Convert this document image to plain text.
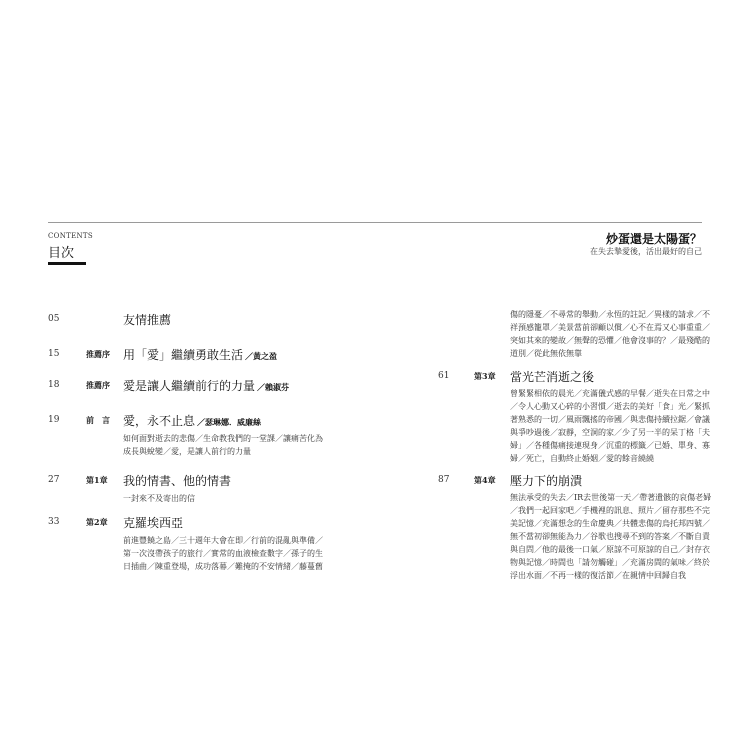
CONTENTS
目次
炒蛋還是太陽蛋？
在失去摯愛後，活出最好的自己
05	友情推薦
15	推薦序 用「愛」繼續勇敢生活 ／黃之盈
18	推薦序 愛是讓人繼續前行的力量 ／賴淑芬
19	前　言 愛，永不止息 ／瑟琳娜．威廉絲
如何面對逝去的悲傷／生命教我們的一堂課／讓痛苦化為成長與蛻變／愛，是讓人前行的力量
27	第1章 我的情書、他的情書
一封來不及寄出的信
33	第2章 克羅埃西亞
前進豐饒之島／三十週年大會在即／行前的混亂與準備／第一次沒帶孩子的旅行／實常的血液檢查數字／孫子的生日插曲／陳重登場，成功落幕／難掩的不安情緒／藤蔓舊
傷的隱憂／不尋常的舉動／永恆的註記／異樣的請求／不祥預感籠罩／美景當前卻顧以償／心不在焉又心事重重／突如其來的變故／無聲的恐懼／他會沒事的？／最殘酷的道別／從此無依無靠
61	第3章 當光芒消逝之後
曾緊緊相依的晨光／充滿儀式感的早餐／逝失在日常之中／令人心動又心碎的小習慣／逝去的美好「食」光／緊抓著熟悉的一切／風雨飄搖的帝國／與悲傷持續拉鋸／會議與爭吵過後／寂靜，空洞的家／少了另一半的呆丁格「夫婦」／各種傷痛接連現身／沉重的標籤／已婚、單身、寡婦／死亡，自動終止婚姻／愛的餘音繞繞
87	第4章 壓力下的崩潰
無法承受的失去／IR去世後第一天／帶著遺骸的哀傷老婦／我們一起回家吧／手機裡的訊息、照片／留存那些不完美記憶／充滿想念的生命慶典／共體悲傷的烏托邦四號／無不當初卻無能為力／谷歌也搜尋不到的答案／不斷自責與自問／他的最後一口氣／原諒不可原諒的自己／封存衣物與記憶／時間也「請勿觸碰」／充滿房間的氣味／終於浮出水面／不再一樣的復活節／在親情中回歸自我
